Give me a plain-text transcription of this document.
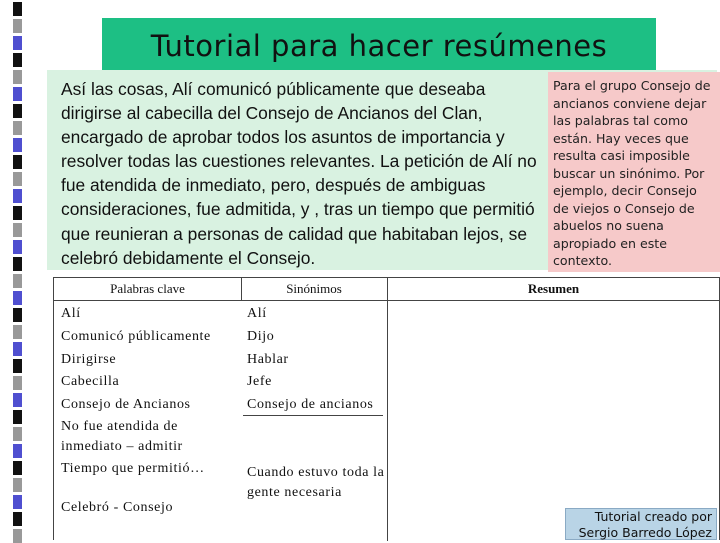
Tutorial para hacer resúmenes
Así las cosas, Alí comunicó públicamente que deseaba dirigirse al cabecilla del Consejo de Ancianos del Clan, encargado de aprobar todos los asuntos de importancia y resolver todas las cuestiones relevantes. La petición de Alí no fue atendida de inmediato, pero, después de ambiguas consideraciones, fue admitida, y , tras un tiempo que permitió que reunieran a personas de calidad que habitaban lejos, se celebró debidamente el Consejo.
Para el grupo Consejo de ancianos conviene dejar las palabras tal como están. Hay veces que resulta casi imposible buscar un sinónimo. Por ejemplo, decir Consejo de viejos o Consejo de abuelos no suena apropiado en este contexto.
Palabras clave	Sinónimos	Resumen
Alí
Comunicó públicamente
Dirigirse
Cabecilla
Consejo de Ancianos
No fue atendida de inmediato – admitir
Tiempo que permitió…
Celebró - Consejo
Alí
Dijo
Hablar
Jefe
Consejo de ancianos
Cuando estuvo toda la gente necesaria
Tutorial creado por
Sergio Barredo López
